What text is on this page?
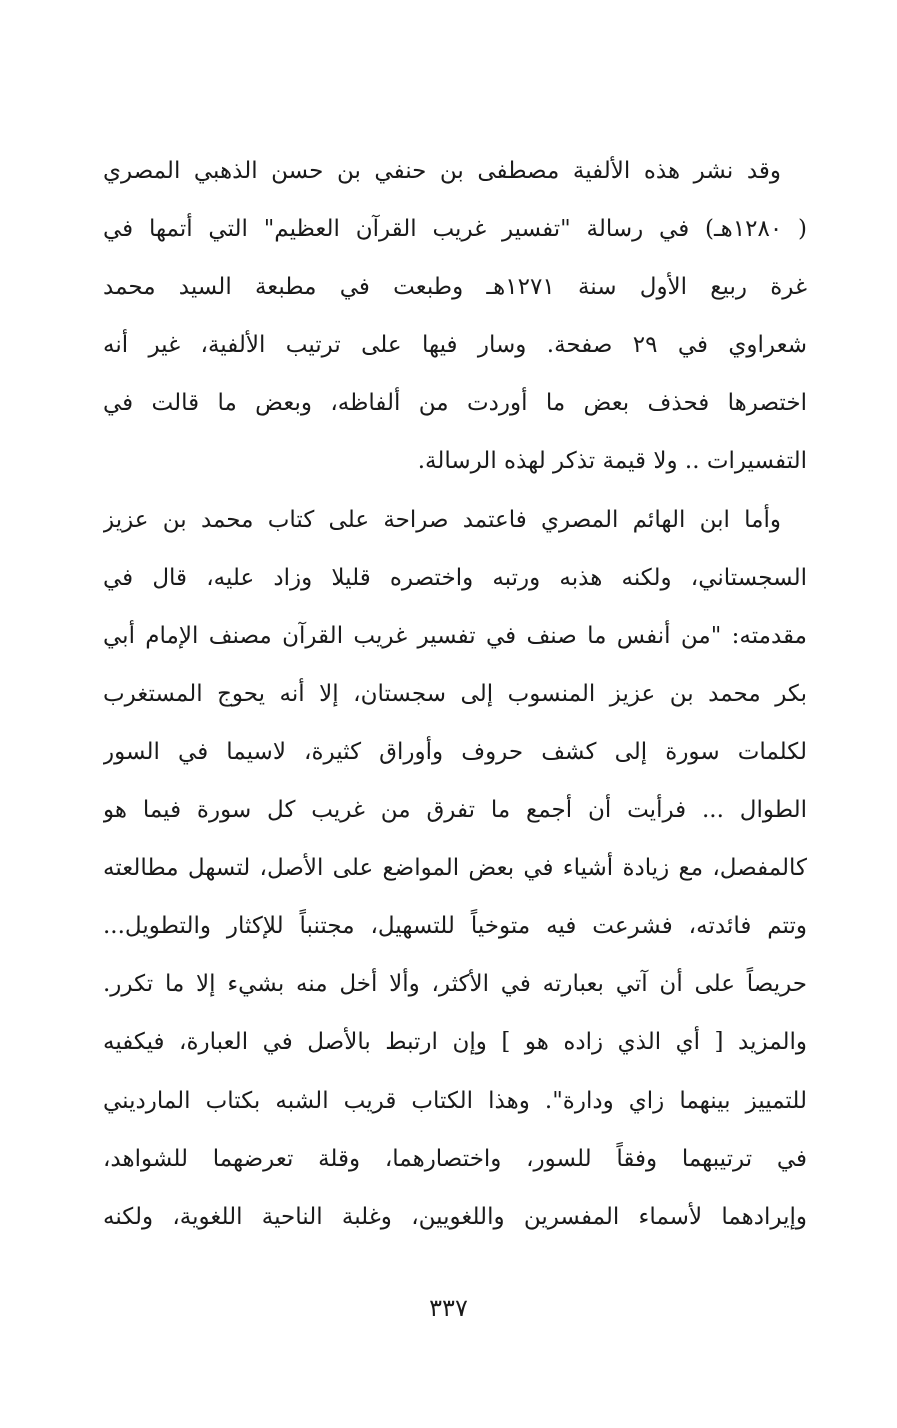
وقد نشر هذه الألفية مصطفى بن حنفي بن حسن الذهبي المصري
( ١٢٨٠هـ) في رسالة "تفسير غريب القرآن العظيم" التي أتمها في
غرة ربيع الأول سنة ١٢٧١هـ وطبعت في مطبعة السيد محمد
شعراوي في ٢٩ صفحة. وسار فيها على ترتيب الألفية، غير أنه
اختصرها فحذف بعض ما أوردت من ألفاظه، وبعض ما قالت في
التفسيرات .. ولا قيمة تذكر لهذه الرسالة.
وأما ابن الهائم المصري فاعتمد صراحة على كتاب محمد بن عزيز
السجستاني، ولكنه هذبه ورتبه واختصره قليلا وزاد عليه، قال في
مقدمته: "من أنفس ما صنف في تفسير غريب القرآن مصنف الإمام أبي
بكر محمد بن عزيز المنسوب إلى سجستان، إلا أنه يحوج المستغرب
لكلمات سورة إلى كشف حروف وأوراق كثيرة، لاسيما في السور
الطوال ... فرأيت أن أجمع ما تفرق من غريب كل سورة فيما هو
كالمفصل، مع زيادة أشياء في بعض المواضع على الأصل، لتسهل مطالعته
وتتم فائدته، فشرعت فيه متوخياً للتسهيل، مجتنباً للإكثار والتطويل...
حريصاً على أن آتي بعبارته في الأكثر، وألا أخل منه بشيء إلا ما تكرر.
والمزيد [ أي الذي زاده هو ] وإن ارتبط بالأصل في العبارة، فيكفيه
للتمييز بينهما زاي ودارة". وهذا الكتاب قريب الشبه بكتاب المارديني
في ترتيبهما وفقاً للسور، واختصارهما، وقلة تعرضهما للشواهد،
وإيرادهما لأسماء المفسرين واللغويين، وغلبة الناحية اللغوية، ولكنه
٣٣٧
